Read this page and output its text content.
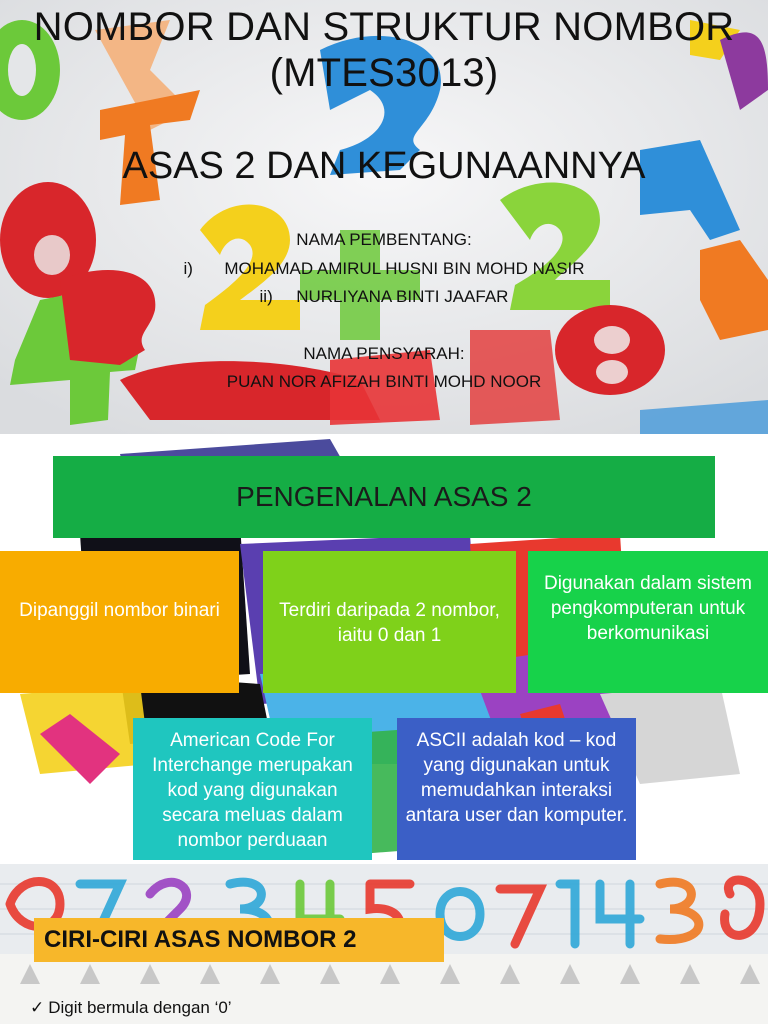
NOMBOR DAN STRUKTUR NOMBOR
(MTES3013)
ASAS 2 DAN KEGUNAANNYA
NAMA PEMBENTANG:
i) MOHAMAD AMIRUL HUSNI BIN MOHD NASIR
ii) NURLIYANA BINTI JAAFAR
NAMA PENSYARAH:
PUAN NOR AFIZAH BINTI MOHD NOOR
PENGENALAN ASAS 2
Dipanggil nombor binari	Terdiri daripada 2 nombor, iaitu 0 dan 1
Digunakan dalam sistem pengkomputeran untuk berkomunikasi
American Code For Interchange merupakan kod yang digunakan secara meluas dalam nombor perduaan
ASCII adalah kod – kod yang digunakan untuk memudahkan interaksi antara user dan komputer.
CIRI-CIRI ASAS NOMBOR 2
✓ Digit bermula dengan ‘0’
